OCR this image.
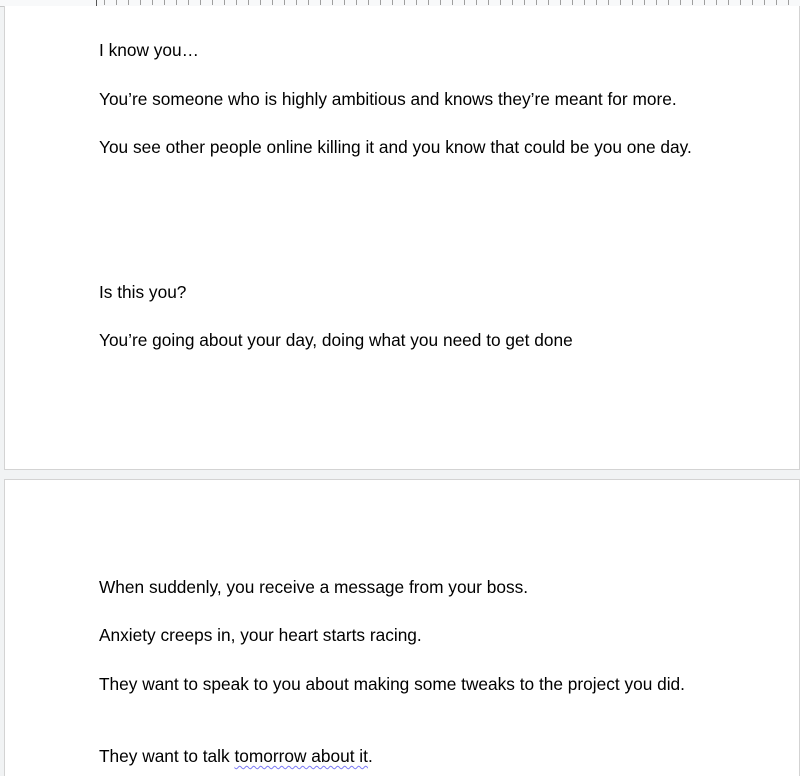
I know you…

You’re someone who is highly ambitious and knows they’re meant for more.

You see other people online killing it and you know that could be you one day.

Is this you?

You’re going about your day, doing what you need to get done

When suddenly, you receive a message from your boss.

Anxiety creeps in, your heart starts racing.

They want to speak to you about making some tweaks to the project you did.

They want to talk tomorrow about it.
